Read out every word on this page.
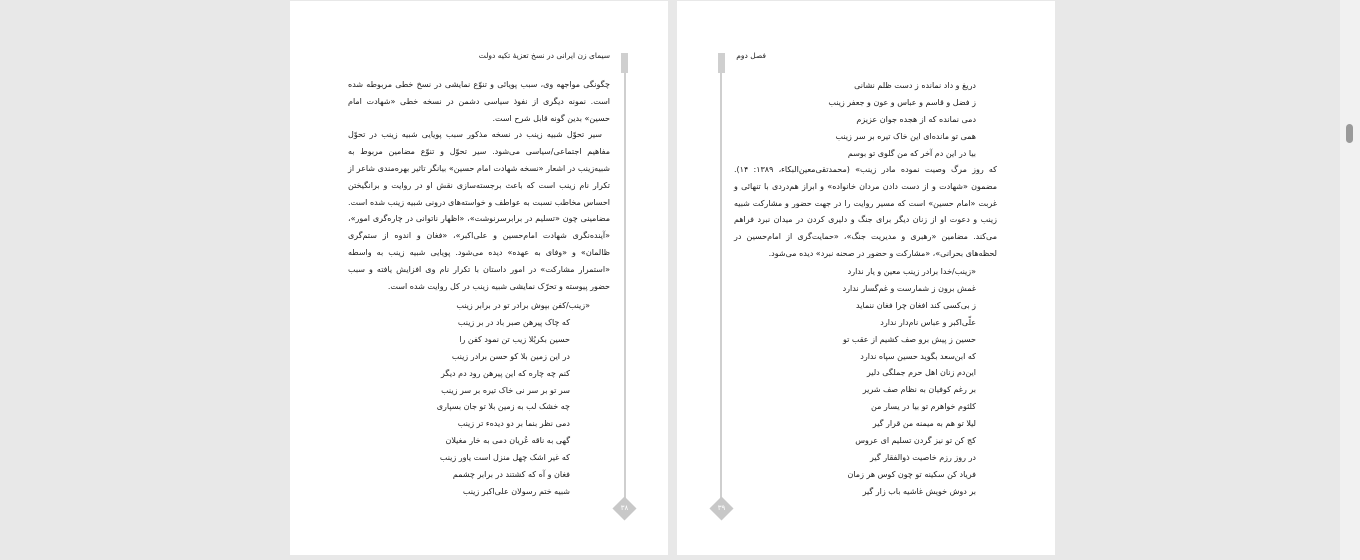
سیمای زن ایرانی در نسخ تعزیهٔ تکیه دولت
۳۸

چگونگی مواجهه وی، سبب پویائی و تنوّع نمایشی در نسخ خطی مربوطه شده است. نمونه دیگری از نفوذ سیاسی دشمن در نسخه خطی «شهادت امام حسین» بدین گونه قابل شرح است.

سیر تحوّل شبیه زینب در نسخه مذکور سبب پویایی شبیه زینب در تحوّل مفاهیم اجتماعی/سیاسی می‌شود. سیر تحوّل و تنوّع مضامین مربوط به شبیه‌زینب در اشعار «نسخه شهادت امام حسین» بیانگر تاثیر بهره‌مندی شاعر از تکرار نام زینب است که باعث برجسته‌سازی نقش او در روایت و برانگیختن احساس مخاطب نسبت به عواطف و خواسته‌های درونی شبیه زینب شده است. مضامینی چون «تسلیم در برابرسرنوشت»، «اظهار ناتوانی در چاره‌گری امور»، «آینده‌نگری شهادت امام‌حسین و علی‌اکبر»، «فغان و اندوه از ستم‌گری ظالمان» و «وفای به عهده» دیده می‌شود. پویایی شبیه زینب به واسطه «استمرار مشارکت» در امور داستان با تکرار نام وی افزایش یافته و سبب حضور پیوسته و تحرّک نمایشی شبیه زینب در کل روایت شده است.

«زینب/کفن بپوش برادر تو در برابر زینب
که چاک پیرهن صبر باد در بر زینب
حسین بکربُلا زیب تن نمود کفن را
در این زمین بلا کو حسن برادر زینب
کنم چه چاره که این پیرهن رود دم دیگر
سر تو بر سر نی خاک تیره بر سر زینب
چه خشک لب به زمین بلا تو جان بسپاری
دمی نظر بنما بر دو دیده‌ء تر زینب
گهی به ناقه عُریان دمی به خار مغیلان
که غیر اشک چهل منزل است یاور زینب
فغان و آه که کشتند در برابر چشمم
شبیه ختم رسولان علی‌اکبر زینب
فصل دوم
۳۹
دریغ و داد نمانده ز دست ظلم نشانی
ز فضل و قاسم و عباس و عون و جعفر زینب
دمی نمانده که از هجده جوان عزیزم
همی تو مانده‌ای این خاک تیره بر سر زینب
بیا در این دم آخر که من گلوی تو بوسم

که روز مرگ وصیت نموده مادر زینب» (محمدتقی‌معین‌البکاء، ۱۳۸۹: ۱۴). مضمون «شهادت و از دست دادن مردان خانواده» و ابراز هم‌دردی با تنهائی و غربت «امام حسین» است که مسیر روایت را در جهت حضور و مشارکت شبیه زینب و دعوت او از زنان دیگر برای جنگ و دلیری کردن در میدان نبرد فراهم می‌کند. مضامین «رهبری و مدیریت جنگ»، «حمایت‌گری از امام‌حسین در لحظه‌های بحرانی»، «مشارکت و حضور در صحنه نبرد» دیده می‌شود.

«زینب/خدا برادر زینب معین و یار ندارد
غمش برون ز شمارست و غم‌گسار ندارد
ز بی‌کسی کند افغان چرا فغان ننماید
علّی‌اکبر و عباس نام‌دار ندارد
حسین ز پیش برو صف کشیم از عقب تو
که ابن‌سعد بگوید حسین سپاه ندارد
این‌دم زنان اهل حرم جملگی دلیر
بر رغم کوفیان به نظام صف شریر
کلثوم خواهرم تو بیا در یسار من
لیلا تو هم به میمنه من قرار گیر
کج کن تو نیز گردن تسلیم ای عروس
در روز رزم خاصیت ذوالفقار گیر
فریاد کن سکینه تو چون کوس هر زمان
بر دوش خویش غاشیه باب زار گیر
